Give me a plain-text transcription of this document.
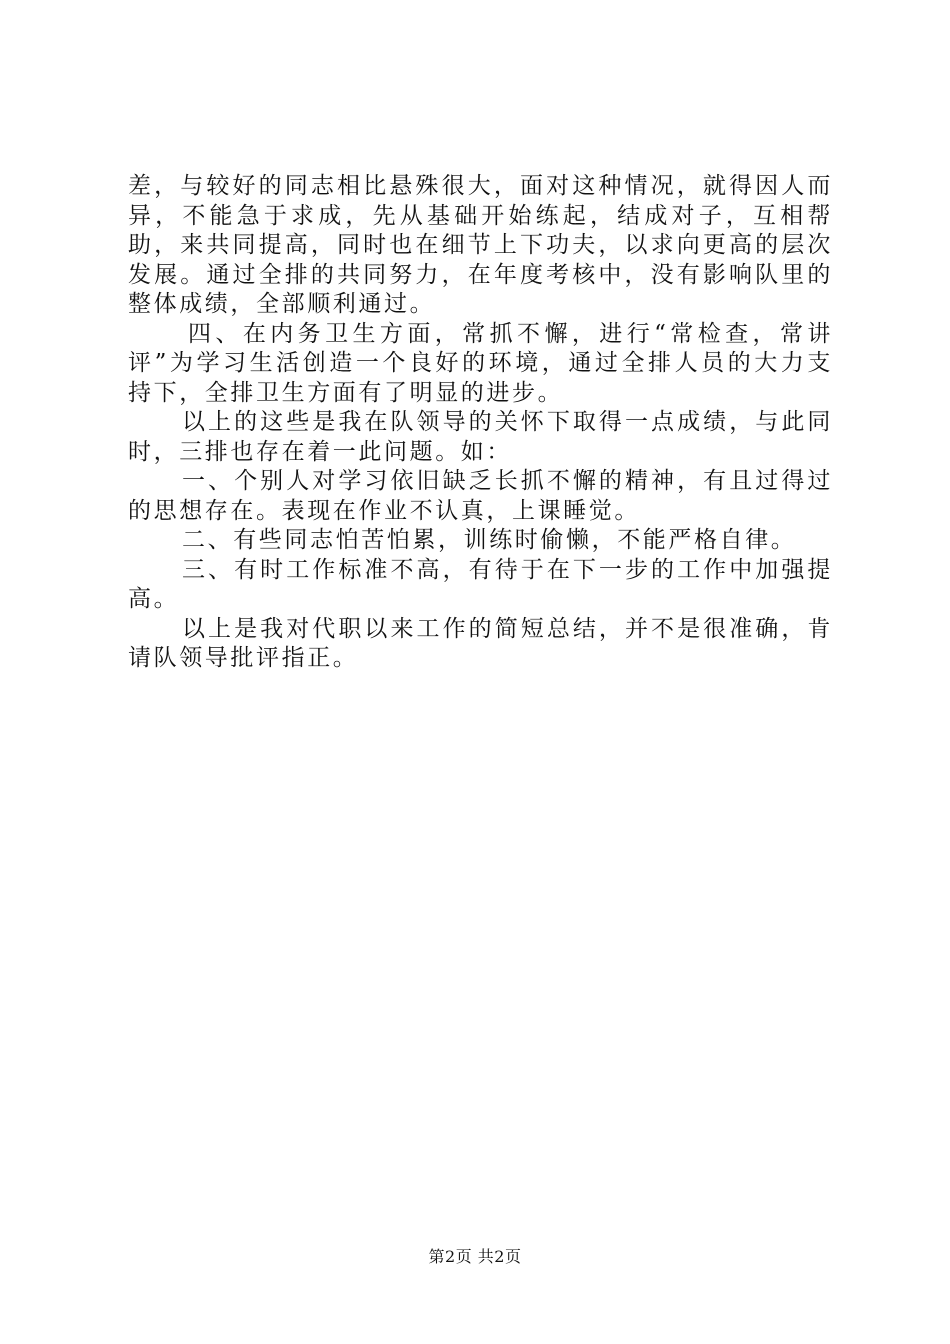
差，与较好的同志相比悬殊很大，面对这种情况，就得因人而异，不能急于求成，先从基础开始练起，结成对子，互相帮助，来共同提高，同时也在细节上下功夫，以求向更高的层次发展。通过全排的共同努力，在年度考核中，没有影响队里的整体成绩，全部顺利通过。

四、在内务卫生方面，常抓不懈，进行“常检查，常讲评”为学习生活创造一个良好的环境，通过全排人员的大力支持下，全排卫生方面有了明显的进步。

以上的这些是我在队领导的关怀下取得一点成绩，与此同时，三排也存在着一此问题。如：

一、个别人对学习依旧缺乏长抓不懈的精神，有且过得过的思想存在。表现在作业不认真，上课睡觉。

二、有些同志怕苦怕累，训练时偷懒，不能严格自律。

三、有时工作标准不高，有待于在下一步的工作中加强提高。

以上是我对代职以来工作的简短总结，并不是很准确，肯请队领导批评指正。

第2页 共2页
